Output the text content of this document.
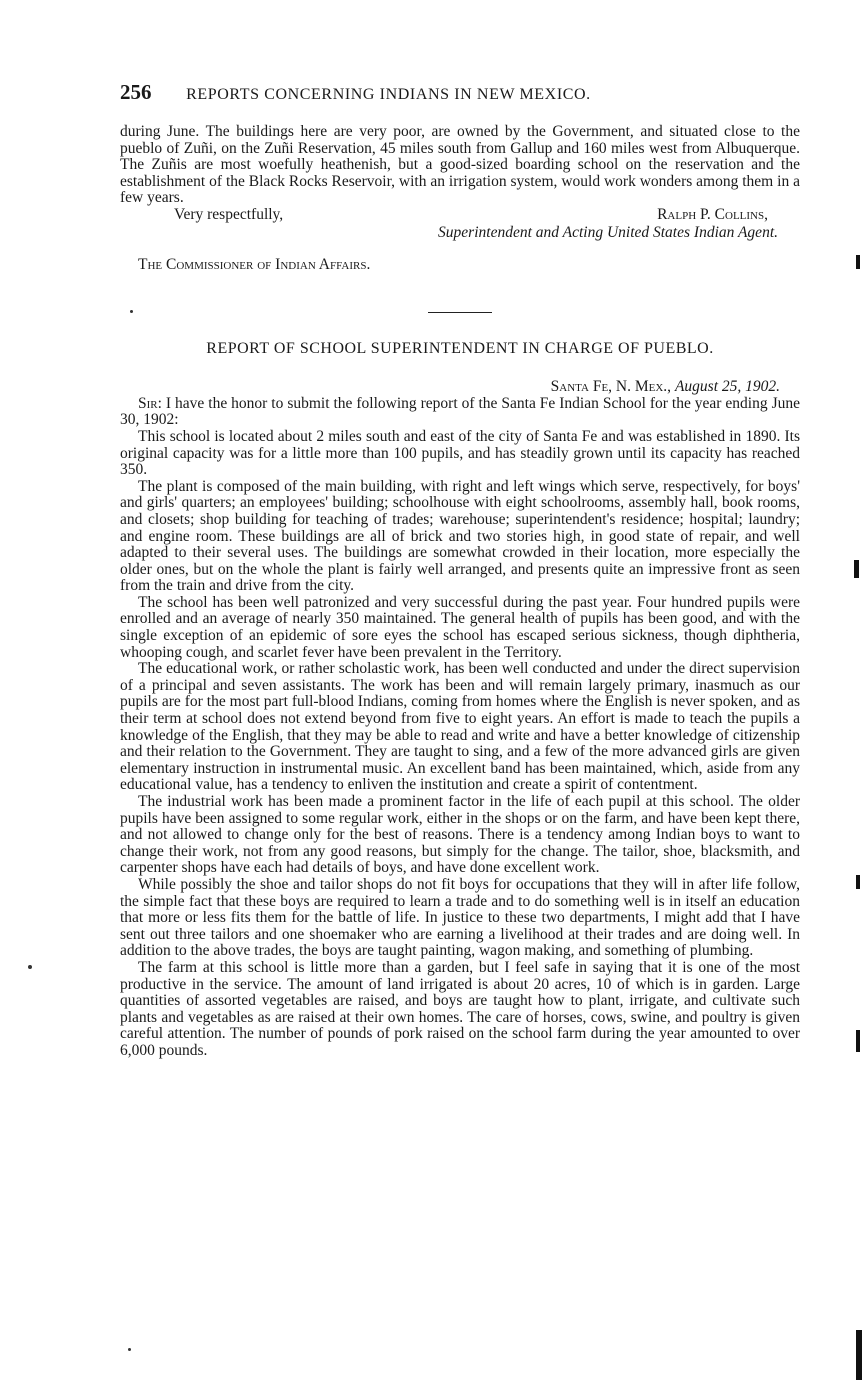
256 REPORTS CONCERNING INDIANS IN NEW MEXICO.

during June. The buildings here are very poor, are owned by the Government, and situated close to the pueblo of Zuñi, on the Zuñi Reservation, 45 miles south from Gallup and 160 miles west from Albuquerque. The Zuñis are most woefully heathenish, but a good-sized boarding school on the reservation and the establishment of the Black Rocks Reservoir, with an irrigation system, would work wonders among them in a few years.

Very respectfully,	Ralph P. Collins,
Superintendent and Acting United States Indian Agent.

The Commissioner of Indian Affairs.

REPORT OF SCHOOL SUPERINTENDENT IN CHARGE OF PUEBLO.

Santa Fe, N. Mex., August 25, 1902.

Sir: I have the honor to submit the following report of the Santa Fe Indian School for the year ending June 30, 1902:

This school is located about 2 miles south and east of the city of Santa Fe and was established in 1890. Its original capacity was for a little more than 100 pupils, and has steadily grown until its capacity has reached 350.

The plant is composed of the main building, with right and left wings which serve, respectively, for boys' and girls' quarters; an employees' building; schoolhouse with eight schoolrooms, assembly hall, book rooms, and closets; shop building for teaching of trades; warehouse; superintendent's residence; hospital; laundry; and engine room. These buildings are all of brick and two stories high, in good state of repair, and well adapted to their several uses. The buildings are somewhat crowded in their location, more especially the older ones, but on the whole the plant is fairly well arranged, and presents quite an impressive front as seen from the train and drive from the city.

The school has been well patronized and very successful during the past year. Four hundred pupils were enrolled and an average of nearly 350 maintained. The general health of pupils has been good, and with the single exception of an epidemic of sore eyes the school has escaped serious sickness, though diphtheria, whooping cough, and scarlet fever have been prevalent in the Territory.

The educational work, or rather scholastic work, has been well conducted and under the direct supervision of a principal and seven assistants. The work has been and will remain largely primary, inasmuch as our pupils are for the most part full-blood Indians, coming from homes where the English is never spoken, and as their term at school does not extend beyond from five to eight years. An effort is made to teach the pupils a knowledge of the English, that they may be able to read and write and have a better knowledge of citizenship and their relation to the Government. They are taught to sing, and a few of the more advanced girls are given elementary instruction in instrumental music. An excellent band has been maintained, which, aside from any educational value, has a tendency to enliven the institution and create a spirit of contentment.

The industrial work has been made a prominent factor in the life of each pupil at this school. The older pupils have been assigned to some regular work, either in the shops or on the farm, and have been kept there, and not allowed to change only for the best of reasons. There is a tendency among Indian boys to want to change their work, not from any good reasons, but simply for the change. The tailor, shoe, blacksmith, and carpenter shops have each had details of boys, and have done excellent work.

While possibly the shoe and tailor shops do not fit boys for occupations that they will in after life follow, the simple fact that these boys are required to learn a trade and to do something well is in itself an education that more or less fits them for the battle of life. In justice to these two departments, I might add that I have sent out three tailors and one shoemaker who are earning a livelihood at their trades and are doing well. In addition to the above trades, the boys are taught painting, wagon making, and something of plumbing.

The farm at this school is little more than a garden, but I feel safe in saying that it is one of the most productive in the service. The amount of land irrigated is about 20 acres, 10 of which is in garden. Large quantities of assorted vegetables are raised, and boys are taught how to plant, irrigate, and cultivate such plants and vegetables as are raised at their own homes. The care of horses, cows, swine, and poultry is given careful attention. The number of pounds of pork raised on the school farm during the year amounted to over 6,000 pounds.
